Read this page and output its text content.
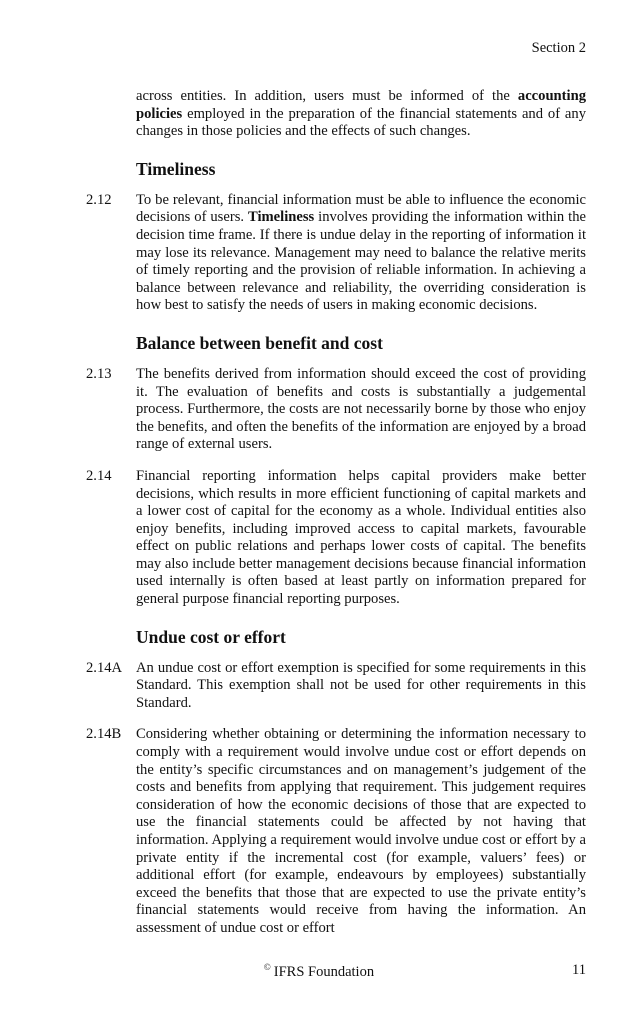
Section 2

across entities. In addition, users must be informed of the accounting policies employed in the preparation of the financial statements and of any changes in those policies and the effects of such changes.

Timeliness

2.12 To be relevant, financial information must be able to influence the economic decisions of users. Timeliness involves providing the information within the decision time frame. If there is undue delay in the reporting of information it may lose its relevance. Management may need to balance the relative merits of timely reporting and the provision of reliable information. In achieving a balance between relevance and reliability, the overriding consideration is how best to satisfy the needs of users in making economic decisions.

Balance between benefit and cost

2.13 The benefits derived from information should exceed the cost of providing it. The evaluation of benefits and costs is substantially a judgemental process. Furthermore, the costs are not necessarily borne by those who enjoy the benefits, and often the benefits of the information are enjoyed by a broad range of external users.

2.14 Financial reporting information helps capital providers make better decisions, which results in more efficient functioning of capital markets and a lower cost of capital for the economy as a whole. Individual entities also enjoy benefits, including improved access to capital markets, favourable effect on public relations and perhaps lower costs of capital. The benefits may also include better management decisions because financial information used internally is often based at least partly on information prepared for general purpose financial reporting purposes.

Undue cost or effort

2.14A An undue cost or effort exemption is specified for some requirements in this Standard. This exemption shall not be used for other requirements in this Standard.

2.14B Considering whether obtaining or determining the information necessary to comply with a requirement would involve undue cost or effort depends on the entity’s specific circumstances and on management’s judgement of the costs and benefits from applying that requirement. This judgement requires consideration of how the economic decisions of those that are expected to use the financial statements could be affected by not having that information. Applying a requirement would involve undue cost or effort by a private entity if the incremental cost (for example, valuers’ fees) or additional effort (for example, endeavours by employees) substantially exceed the benefits that those that are expected to use the private entity’s financial statements would receive from having the information. An assessment of undue cost or effort

© IFRS Foundation	11
